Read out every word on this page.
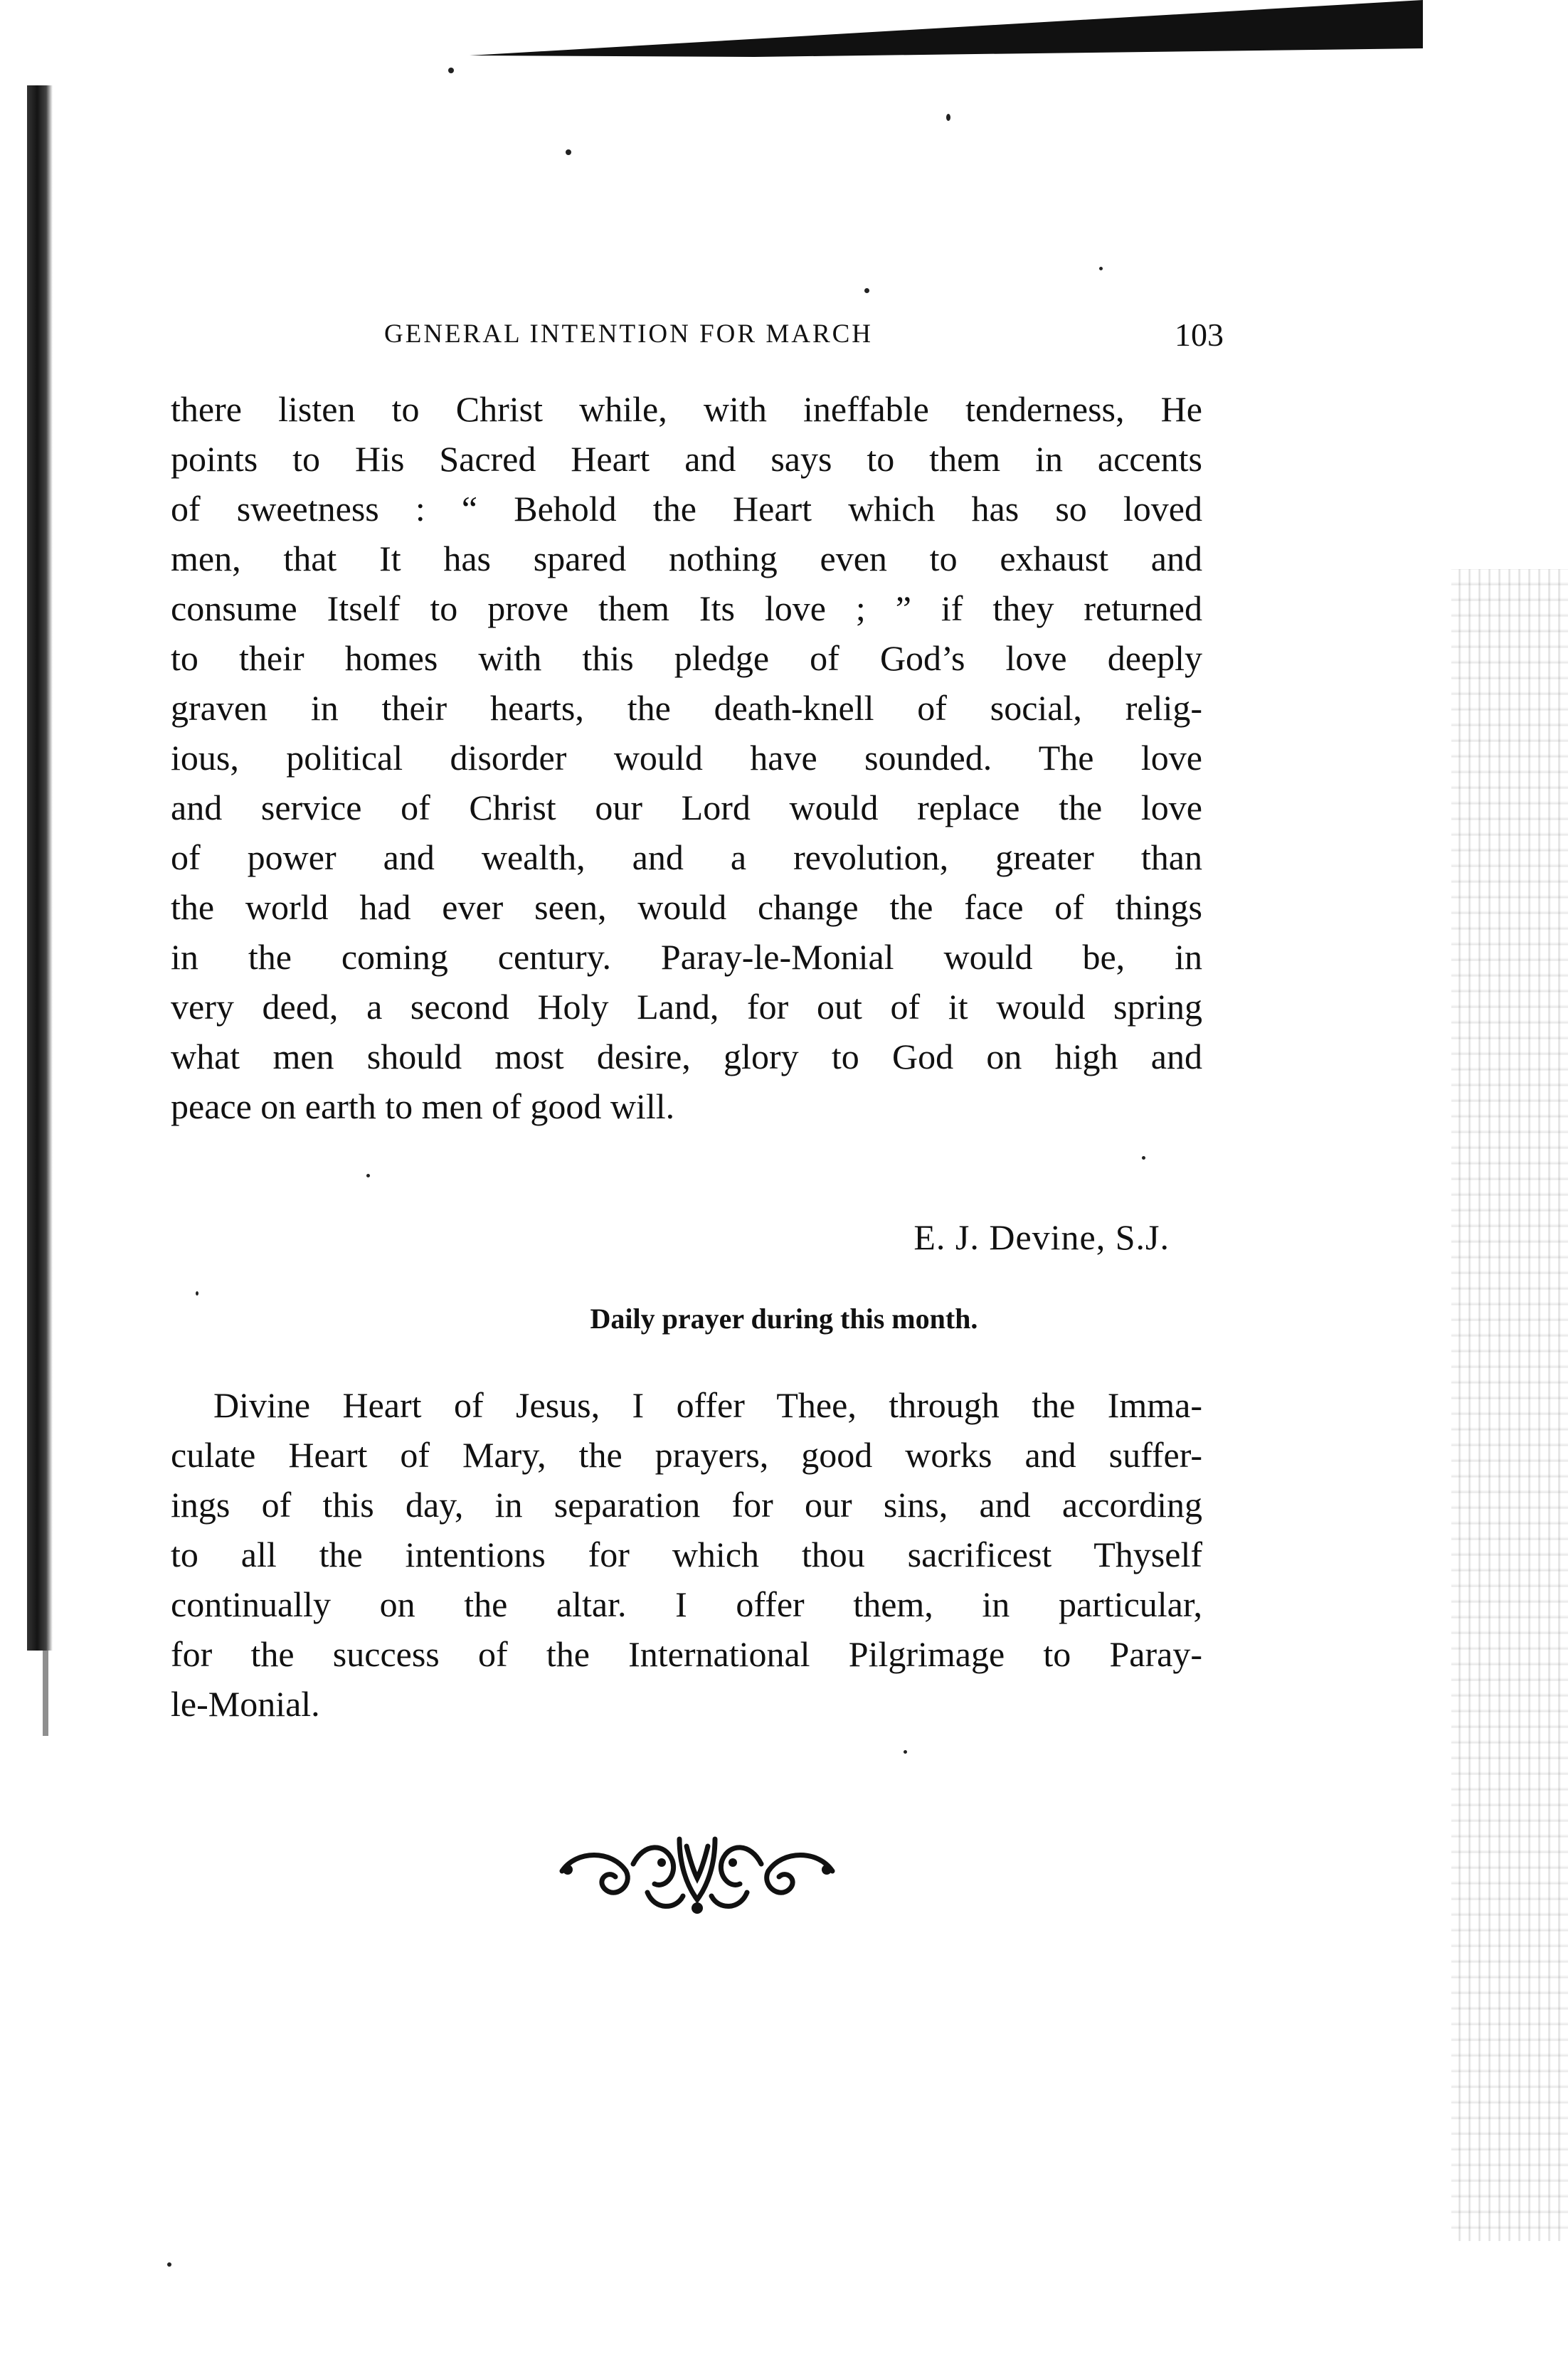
GENERAL INTENTION FOR MARCH	103
there listen to Christ while, with ineffable tenderness, He
points to His Sacred Heart and says to them in accents
of sweetness : “ Behold the Heart which has so loved
men, that It has spared nothing even to exhaust and
consume Itself to prove them Its love ; ” if they returned
to their homes with this pledge of God’s love deeply
graven in their hearts, the death-knell of social, relig-
ious, political disorder would have sounded. The love
and service of Christ our Lord would replace the love
of power and wealth, and a revolution, greater than
the world had ever seen, would change the face of things
in the coming century. Paray-le-Monial would be, in
very deed, a second Holy Land, for out of it would spring
what men should most desire, glory to God on high and
peace on earth to men of good will.
E. J. Devine, S.J.
Daily prayer during this month.
Divine Heart of Jesus, I offer Thee, through the Imma-
culate Heart of Mary, the prayers, good works and suffer-
ings of this day, in separation for our sins, and according
to all the intentions for which thou sacrificest Thyself
continually on the altar. I offer them, in particular,
for the success of the International Pilgrimage to Paray-
le-Monial.
